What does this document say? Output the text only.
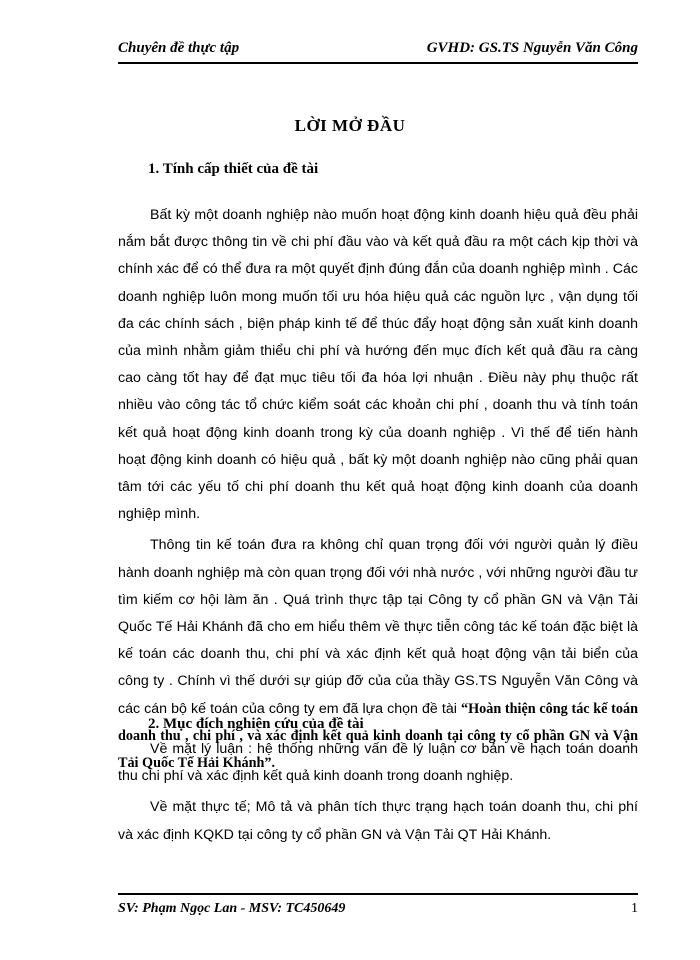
Chuyên đề thực tập	GVHD: GS.TS Nguyễn Văn Công
LỜI MỞ ĐẦU
1. Tính cấp thiết của đề tài

Bất kỳ một doanh nghiệp nào muốn hoạt động kinh doanh hiệu quả đều phải nắm bắt được thông tin về chi phí đầu vào và kết quả đầu ra một cách kịp thời và chính xác để có thể đưa ra một quyết định đúng đắn của doanh nghiệp mình . Các doanh nghiệp luôn mong muốn tối ưu hóa hiệu quả các nguồn lực , vận dụng tối đa các chính sách , biện pháp kinh tế để thúc đẩy hoạt động sản xuất kinh doanh của mình nhằm giảm thiểu chi phí và hướng đến mục đích kết quả đầu ra càng cao càng tốt hay để đạt mục tiêu tối đa hóa lợi nhuận . Điều này phụ thuộc rất nhiều vào công tác tổ chức kiểm soát các khoản chi phí , doanh thu và tính toán kết quả hoạt động kinh doanh trong kỳ của doanh nghiệp . Vì thế để tiến hành hoạt động kinh doanh có hiệu quả , bất kỳ một doanh nghiệp nào cũng phải quan tâm tới các yếu tố chi phí doanh thu kết quả hoạt động kinh doanh của doanh nghiệp mình.

Thông tin kế toán đưa ra không chỉ quan trọng đối với người quản lý điều hành doanh nghiệp mà còn quan trọng đối với nhà nước , với những người đầu tư tìm kiếm cơ hội làm ăn . Quá trình thực tập tại Công ty cổ phần GN và Vận Tải Quốc Tế Hải Khánh đã cho em hiểu thêm về thực tiễn công tác kế toán đặc biệt là kế toán các doanh thu, chi phí và xác định kết quả hoạt động vận tải biển của công ty . Chính vì thế dưới sự giúp đỡ của của thầy GS.TS Nguyễn Văn Công và các cán bộ kế toán của công ty em đã lựa chọn đề tài “Hoàn thiện công tác kế toán doanh thu , chi phí , và xác định kết quả kinh doanh tại công ty cổ phần GN và Vận Tải Quốc Tế Hải Khánh”.

2. Mục đích nghiên cứu của đề tài

Về mặt lý luận : hệ thống những vấn đề lý luận cơ bản về hạch toán doanh thu chi phí và xác định kết quả kinh doanh trong doanh nghiệp.

Về mặt thực tế; Mô tả và phân tích thực trạng hạch toán doanh thu, chi phí và xác định KQKD tại công ty cổ phần GN và Vận Tải QT Hải Khánh.

SV: Phạm Ngọc Lan - MSV: TC450649	1
